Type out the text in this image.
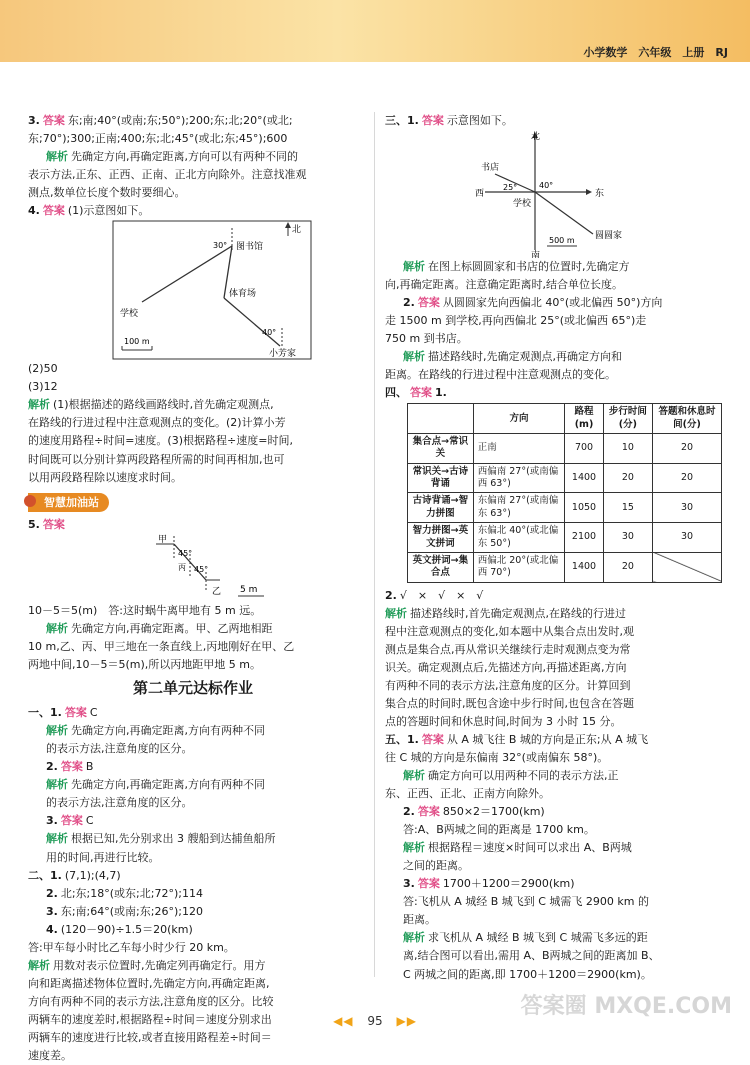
小学数学　六年级　上册　RJ

3. 答案 东;南;40°(或南;东;50°);200;东;北;20°(或北;

东;70°);300;正南;400;东;北;45°(或北;东;45°);600

解析 先确定方向,再确定距离,方向可以有两种不同的

表示方法,正东、正西、正南、正北方向除外。注意找准观

测点,数单位长度个数时要细心。

4. 答案 (1)示意图如下。

北
图书馆
30°
学校
体育场
40°
小芳家
100 m

(2)50

(3)12

解析 (1)根据描述的路线画路线时,首先确定观测点,

在路线的行进过程中注意观测点的变化。(2)计算小芳

的速度用路程÷时间=速度。(3)根据路程÷速度=时间,

时间既可以分别计算两段路程所需的时间再相加,也可

以用两段路程除以速度求时间。

智慧加油站

5. 答案

甲
45°
丙 45°
乙 5 m

10－5＝5(m)　答:这时蜗牛离甲地有 5 m 远。

解析 先确定方向,再确定距离。甲、乙两地相距

10 m,乙、丙、甲三地在一条直线上,丙地刚好在甲、乙

两地中间,10－5＝5(m),所以丙地距甲地 5 m。

第二单元达标作业

一、1. 答案 C

解析 先确定方向,再确定距离,方向有两种不同

的表示方法,注意角度的区分。

2. 答案 B

解析 先确定方向,再确定距离,方向有两种不同

的表示方法,注意角度的区分。

3. 答案 C

解析 根据已知,先分别求出 3 艘船到达捕鱼船所

用的时间,再进行比较。

二、1. (7,1);(4,7)

2. 北;东;18°(或东;北;72°);114

3. 东;南;64°(或南;东;26°);120

4. (120－90)÷1.5＝20(km)

答:甲车每小时比乙车每小时少行 20 km。

解析 用数对表示位置时,先确定列再确定行。用方

向和距离描述物体位置时,先确定方向,再确定距离,

方向有两种不同的表示方法,注意角度的区分。比较

两辆车的速度差时,根据路程÷时间＝速度分别求出

两辆车的速度进行比较,或者直接用路程差÷时间＝

速度差。

三、1. 答案 示意图如下。

北
南
东
西
书店
25°	40°
学校
圆圆家
500 m

解析 在图上标圆圆家和书店的位置时,先确定方

向,再确定距离。注意确定距离时,结合单位长度。

2. 答案 从圆圆家先向西偏北 40°(或北偏西 50°)方向

走 1500 m 到学校,再向西偏北 25°(或北偏西 65°)走

750 m 到书店。

解析 描述路线时,先确定观测点,再确定方向和

距离。在路线的行进过程中注意观测点的变化。

四、 答案 1.

	方向	路程(m)	步行时间(分)	答题和休息时间(分)
集合点→常识关	正南	700	10	20
常识关→古诗背诵	西偏南 27°(或南偏西 63°)	1400	20	20
古诗背诵→智力拼图	东偏南 27°(或南偏东 63°)	1050	15	30
智力拼图→英文拼词	东偏北 40°(或北偏东 50°)	2100	30	30
英文拼词→集合点	西偏北 20°(或北偏西 70°)	1400	20	

2. √　×　√　×　√

解析 描述路线时,首先确定观测点,在路线的行进过

程中注意观测点的变化,如本题中从集合点出发时,观

测点是集合点,再从常识关继续行走时观测点变为常

识关。确定观测点后,先描述方向,再描述距离,方向

有两种不同的表示方法,注意角度的区分。计算回到

集合点的时间时,既包含途中步行时间,也包含在答题

点的答题时间和休息时间,时间为 3 小时 15 分。

五、1. 答案 从 A 城飞往 B 城的方向是正东;从 A 城飞

往 C 城的方向是东偏南 32°(或南偏东 58°)。

解析 确定方向可以用两种不同的表示方法,正

东、正西、正北、正南方向除外。

2. 答案 850×2＝1700(km)

答:A、B两城之间的距离是 1700 km。

解析 根据路程＝速度×时间可以求出 A、B两城

之间的距离。

3. 答案 1700＋1200＝2900(km)

答:飞机从 A 城经 B 城飞到 C 城需飞 2900 km 的

距离。

解析 求飞机从 A 城经 B 城飞到 C 城需飞多远的距

离,结合图可以看出,需用 A、B两城之间的距离加 B、

C 两城之间的距离,即 1700＋1200＝2900(km)。

答案圈 MXQE.COM
◀◀ 95 ▶▶
